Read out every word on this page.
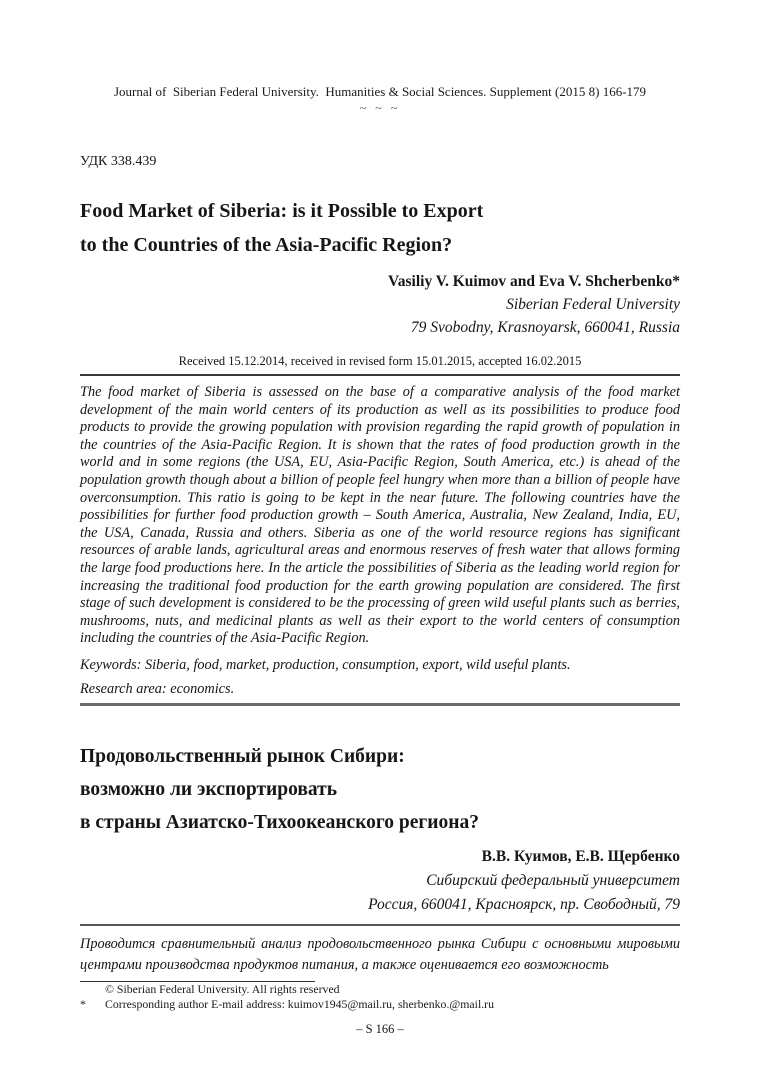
Journal of  Siberian Federal University.  Humanities & Social Sciences. Supplement (2015 8) 166-179
~ ~ ~
УДК 338.439
Food Market of Siberia: is it Possible to Export
to the Countries of the Asia-Pacific Region?
Vasiliy V. Kuimov and Eva V. Shcherbenko*
Siberian Federal University
79 Svobodny, Krasnoyarsk, 660041, Russia
Received 15.12.2014, received in revised form 15.01.2015, accepted 16.02.2015
The food market of Siberia is assessed on the base of a comparative analysis of the food market development of the main world centers of its production as well as its possibilities to produce food products to provide the growing population with provision regarding the rapid growth of population in the countries of the Asia-Pacific Region. It is shown that the rates of food production growth in the world and in some regions (the USA, EU, Asia-Pacific Region, South America, etc.) is ahead of the population growth though about a billion of people feel hungry when more than a billion of people have overconsumption. This ratio is going to be kept in the near future. The following countries have the possibilities for further food production growth – South America, Australia, New Zealand, India, EU, the USA, Canada, Russia and others. Siberia as one of the world resource regions has significant resources of arable lands, agricultural areas and enormous reserves of fresh water that allows forming the large food productions here. In the article the possibilities of Siberia as the leading world region for increasing the traditional food production for the earth growing population are considered. The first stage of such development is considered to be the processing of green wild useful plants such as berries, mushrooms, nuts, and medicinal plants as well as their export to the world centers of consumption including the countries of the Asia-Pacific Region.
Keywords: Siberia, food, market, production, consumption, export, wild useful plants.
Research area: economics.
Продовольственный рынок Сибири:
возможно ли экспортировать
в страны Азиатско-Тихоокеанского региона?
В.В. Куимов, Е.В. Щербенко
Сибирский федеральный университет
Россия, 660041, Красноярск, пр. Свободный, 79
Проводится сравнительный анализ продовольственного рынка Сибири с основными мировыми центрами производства продуктов питания, а также оценивается его возможность
© Siberian Federal University. All rights reserved
*	Corresponding author E-mail address: kuimov1945@mail.ru, sherbenko.@mail.ru
– S 166 –
